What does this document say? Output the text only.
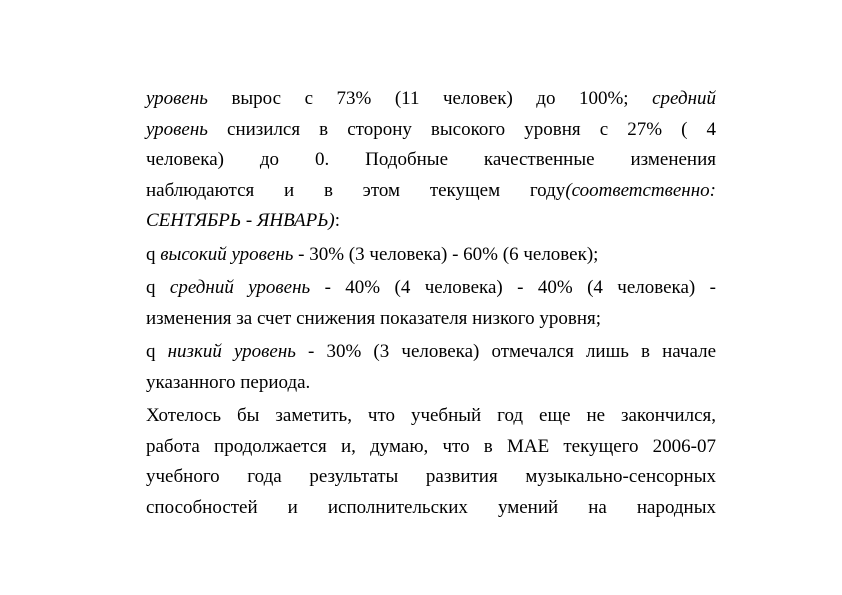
уровень вырос с 73% (11 человек) до 100%; средний
уровень снизился в сторону высокого уровня с 27% ( 4
человека) до 0. Подобные качественные изменения
наблюдаются и в этом текущем году(соответственно:
СЕНТЯБРЬ - ЯНВАРЬ):
q высокий уровень - 30% (3 человека) - 60% (6 человек);
q средний уровень - 40% (4 человека) - 40% (4 человека) -
изменения за счет снижения показателя низкого уровня;
q низкий уровень - 30% (3 человека) отмечался лишь в начале
указанного периода.
Хотелось бы заметить, что учебный год еще не закончился,
работа продолжается и, думаю, что в МАЕ текущего 2006-07
учебного года результаты развития музыкально-сенсорных
способностей и исполнительских умений на народных
